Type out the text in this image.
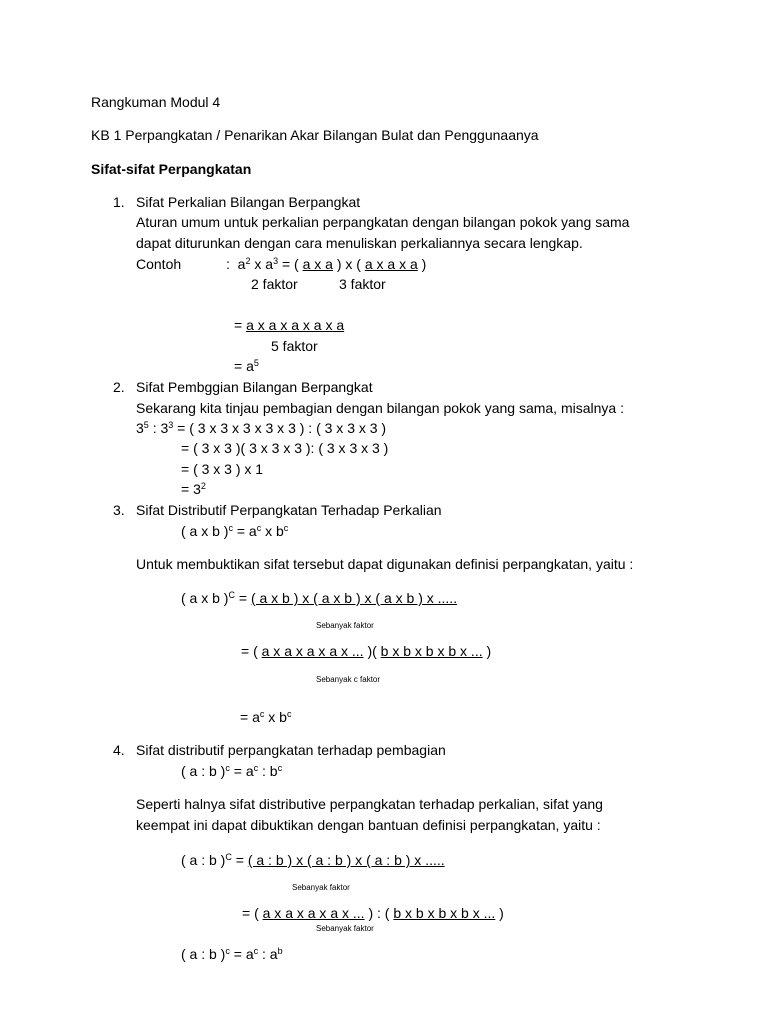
Rangkuman Modul 4
KB 1 Perpangkatan / Penarikan Akar Bilangan Bulat dan Penggunaanya
Sifat-sifat Perpangkatan
1. Sifat Perkalian Bilangan Berpangkat
Aturan umum untuk perkalian perpangkatan dengan bilangan pokok yang sama
dapat diturunkan dengan cara menuliskan perkaliannya secara lengkap.
Contoh	: $a^2$ x $a^3$ = ( a x a ) x ( a x a x a )
2 faktor	3 faktor
= a x a x a x a x a
5 faktor
= $a^5$
2. Sifat Pembggian Bilangan Berpangkat
Sekarang kita tinjau pembagian dengan bilangan pokok yang sama, misalnya :
$3^5$ : $3^3$ = ( 3 x 3 x 3 x 3 x 3 ) : ( 3 x 3 x 3 )
= ( 3 x 3 )( 3 x 3 x 3 ): ( 3 x 3 x 3 )
= ( 3 x 3 ) x 1
= $3^2$
3. Sifat Distributif Perpangkatan Terhadap Perkalian
( a x b )$^c = a^c$ x $b^c$
Untuk membuktikan sifat tersebut dapat digunakan definisi perpangkatan, yaitu :
( a x b )$^C$ = ( a x b ) x ( a x b ) x ( a x b ) x .....
Sebanyak faktor
= ( a x a x a x a x ... )( b x b x b x b x ... )
Sebanyak c faktor
= $a^c$ x $b^c$
4. Sifat distributif perpangkatan terhadap pembagian
( a : b )$^c = a^c$ : $b^c$
Seperti halnya sifat distributive perpangkatan terhadap perkalian, sifat yang
keempat ini dapat dibuktikan dengan bantuan definisi perpangkatan, yaitu :
( a : b )$^C$ = ( a : b ) x ( a : b ) x ( a : b ) x .....
Sebanyak faktor
= ( a x a x a x a x ... ) : ( b x b x b x b x ... )
Sebanyak faktor
( a : b )$^c = a^c$ : $a^b$
